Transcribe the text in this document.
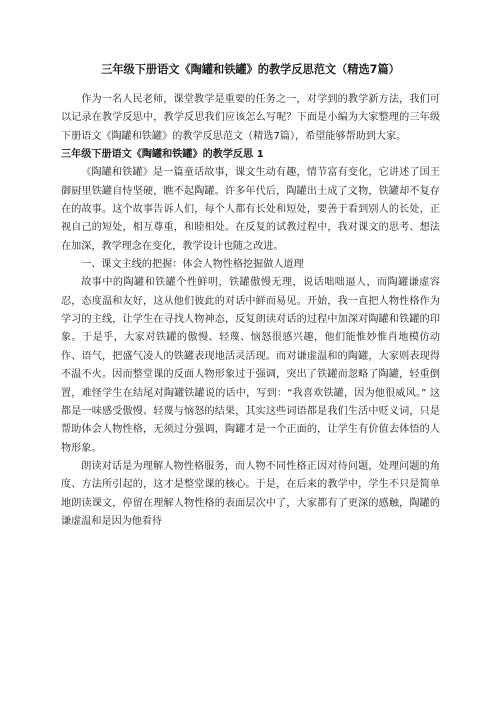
三年级下册语文《陶罐和铁罐》的教学反思范文（精选7篇）

作为一名人民老师，课堂教学是重要的任务之一，对学到的教学新方法，我们可以记录在教学反思中，教学反思我们应该怎么写呢？下面是小编为大家整理的三年级下册语文《陶罐和铁罐》的教学反思范文（精选7篇），希望能够帮助到大家。

三年级下册语文《陶罐和铁罐》的教学反思 1

《陶罐和铁罐》是一篇童话故事，课文生动有趣，情节富有变化，它讲述了国王御厨里铁罐自恃坚硬，瞧不起陶罐。许多年代后，陶罐出土成了文物，铁罐却不复存在的故事。这个故事告诉人们，每个人都有长处和短处，要善于看到别人的长处，正视自己的短处，相互尊重，和睦相处。在反复的试教过程中，我对课文的思考、想法在加深，教学理念在变化，教学设计也随之改进。

一、课文主线的把握：体会人物性格挖掘做人道理

故事中的陶罐和铁罐个性鲜明，铁罐傲慢无理，说话咄咄逼人，而陶罐谦虚容忍，态度温和友好，这从他们彼此的对话中鲜而易见。开始，我一直把人物性格作为学习的主线，让学生在寻找人物神态，反复朗读对话的过程中加深对陶罐和铁罐的印象。于是乎，大家对铁罐的傲慢、轻蔑、恼怒很感兴趣，他们能惟妙惟肖地模仿动作、语气，把盛气凌人的铁罐表现地活灵活现。而对谦虚温和的陶罐，大家则表现得不温不火。因而整堂课的反面人物形象过于强调，突出了铁罐而忽略了陶罐，轻重倒置，难怪学生在结尾对陶罐铁罐说的话中，写到：“我喜欢铁罐，因为他很威风。” 这都是一味感受傲慢、轻蔑与恼怒的结果，其实这些词语都是我们生活中贬义词，只是帮助体会人物性格，无须过分强调，陶罐才是一个正面的，让学生有价值去体悟的人物形象。

朗读对话是为理解人物性格服务，而人物不同性格正因对待问题，处理问题的角度、方法所引起的，这才是整堂课的核心。于是，在后来的教学中，学生不只是简单地朗读课文，停留在理解人物性格的表面层次中了，大家都有了更深的感触，陶罐的谦虚温和是因为他看待
